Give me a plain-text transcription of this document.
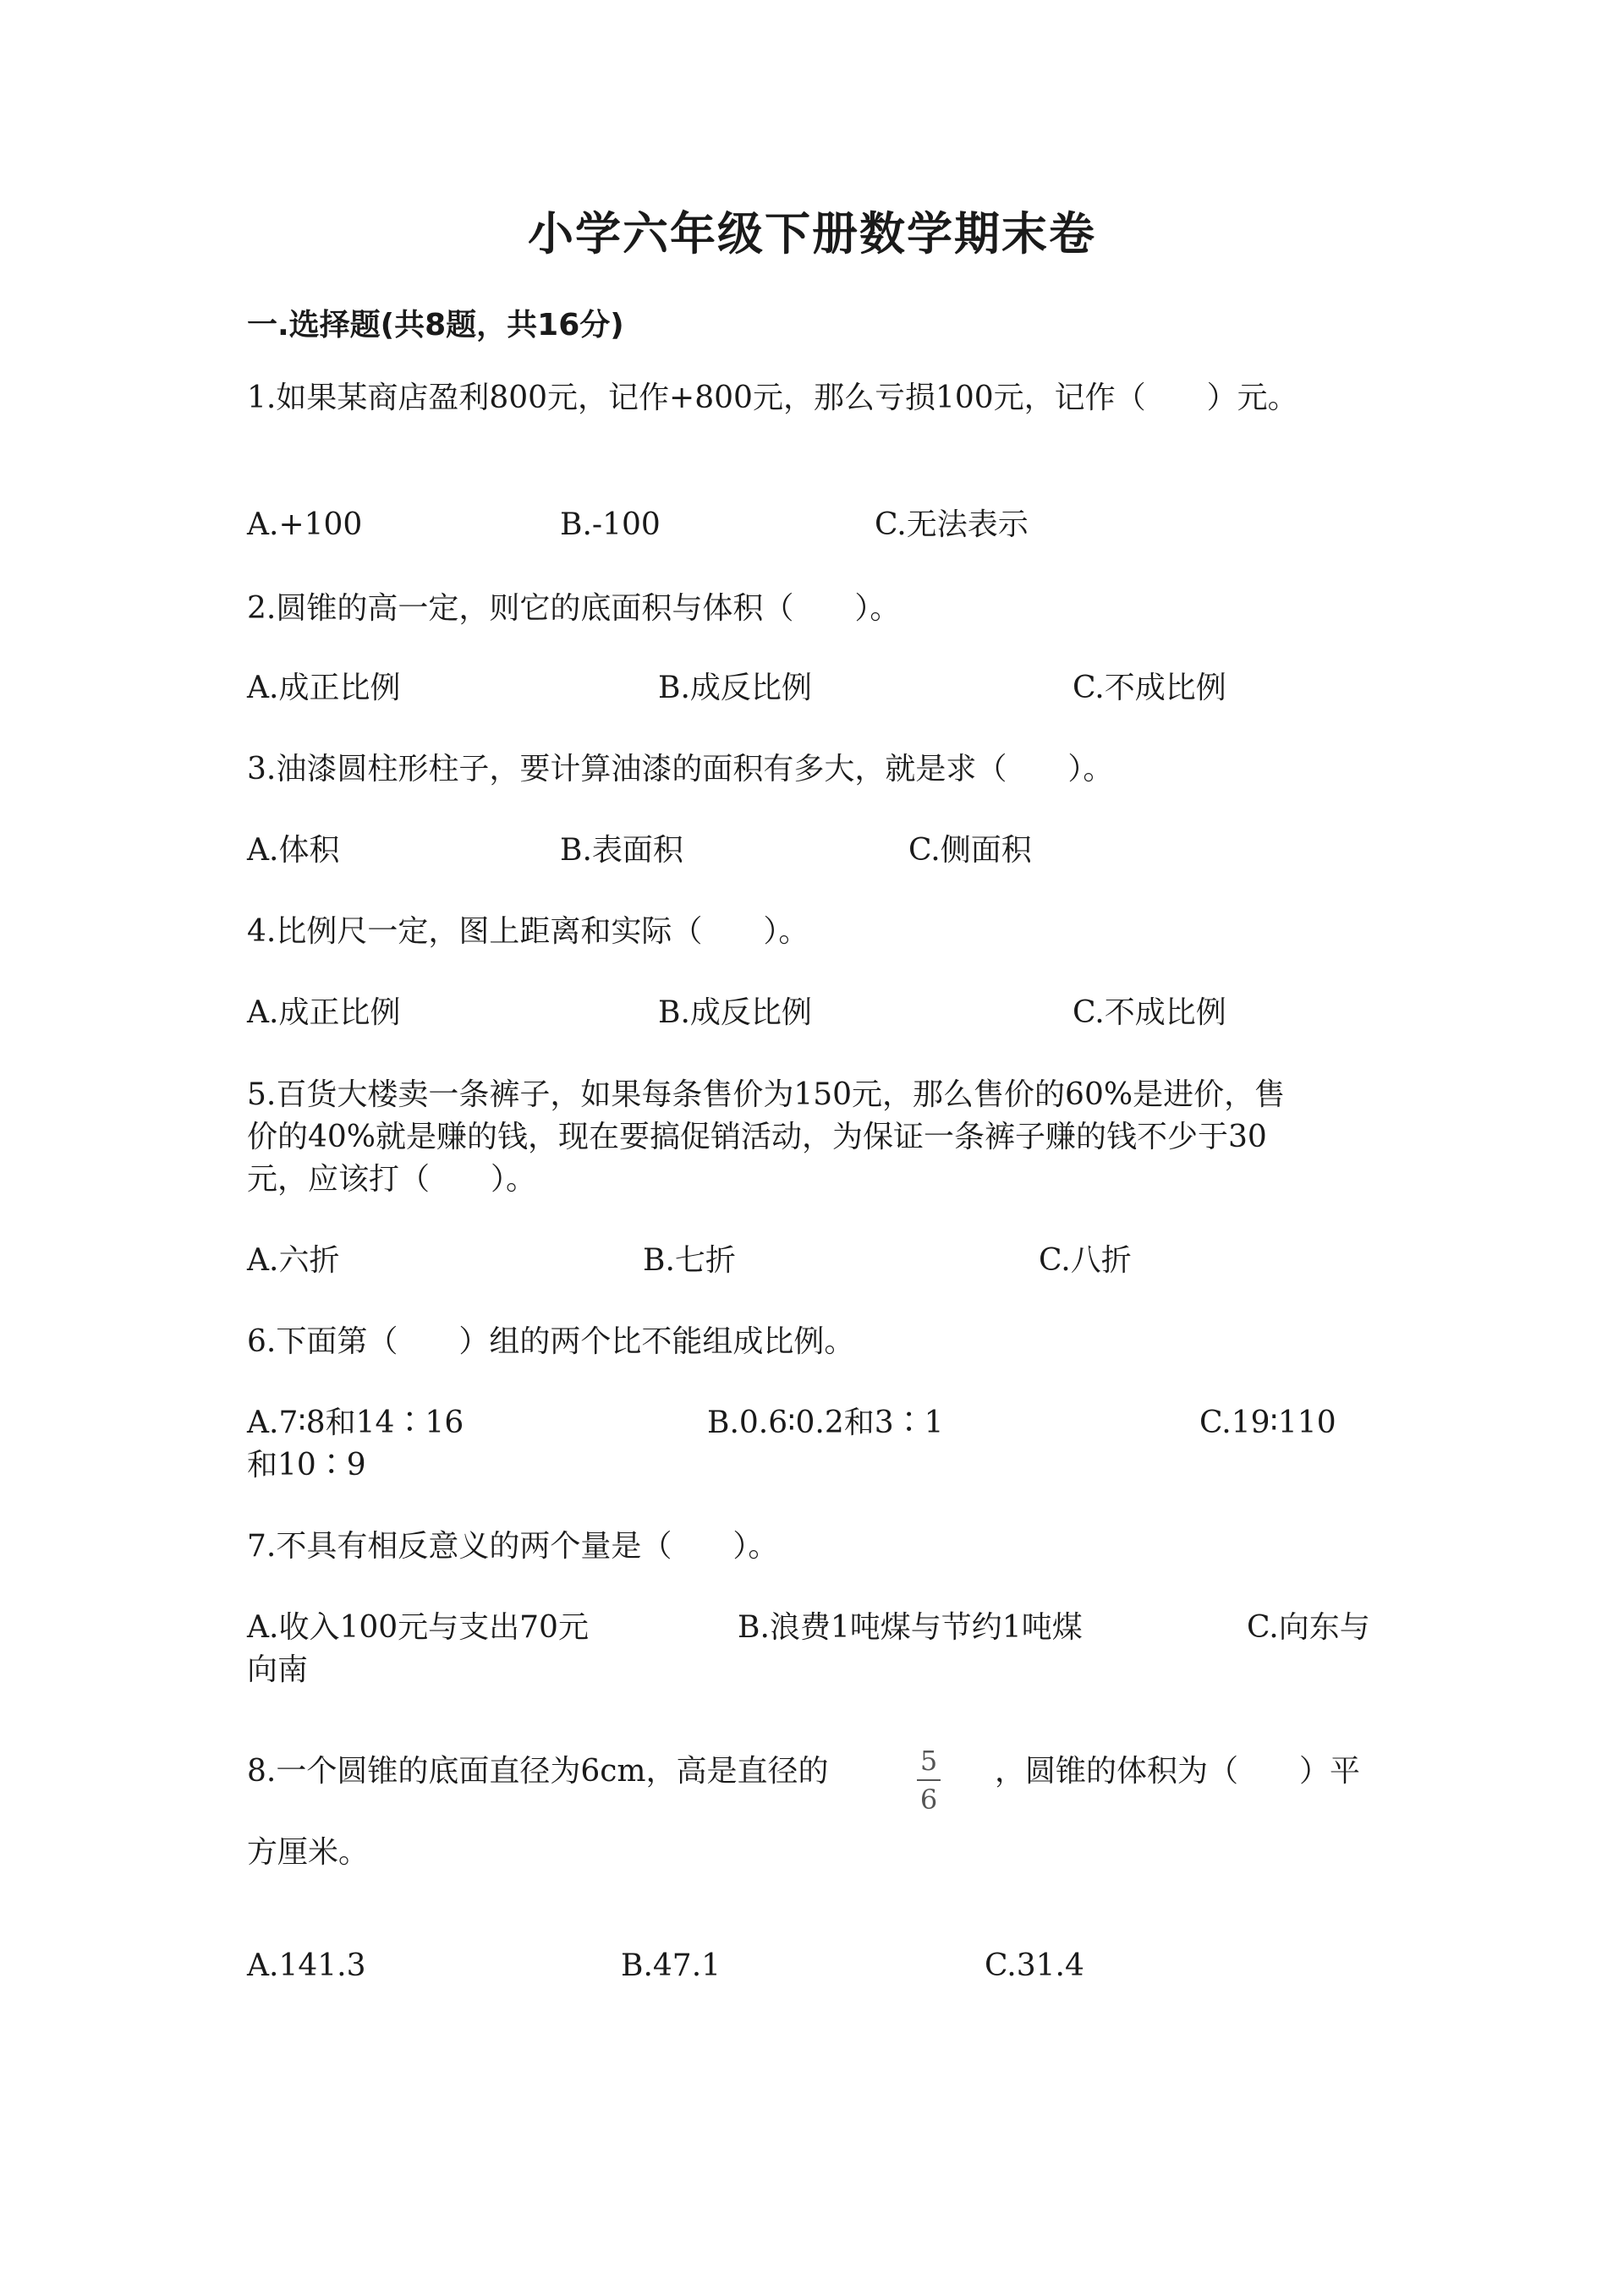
小学六年级下册数学期末卷
一.选择题(共8题，共16分)
1.如果某商店盈利800元，记作+800元，那么亏损100元，记作（　　）元。
A.+100	B.-100	C.无法表示
2.圆锥的高一定，则它的底面积与体积（　　）。
A.成正比例	B.成反比例	C.不成比例
3.油漆圆柱形柱子，要计算油漆的面积有多大，就是求（　　）。
A.体积	B.表面积	C.侧面积
4.比例尺一定，图上距离和实际（　　）。
A.成正比例	B.成反比例	C.不成比例
5.百货大楼卖一条裤子，如果每条售价为150元，那么售价的60%是进价，售
价的40%就是赚的钱，现在要搞促销活动，为保证一条裤子赚的钱不少于30
元，应该打（　　）。
A.六折	B.七折	C.八折
6.下面第（　　）组的两个比不能组成比例。
A.7∶8和14∶16	B.0.6∶0.2和3∶1	C.19∶110
和10∶9
7.不具有相反意义的两个量是（　　）。
A.收入100元与支出70元	B.浪费1吨煤与节约1吨煤	C.向东与
向南
8.一个圆锥的底面直径为6cm，高是直径的	5
6
，圆锥的体积为（　　）平
方厘米。
A.141.3	B.47.1	C.31.4
